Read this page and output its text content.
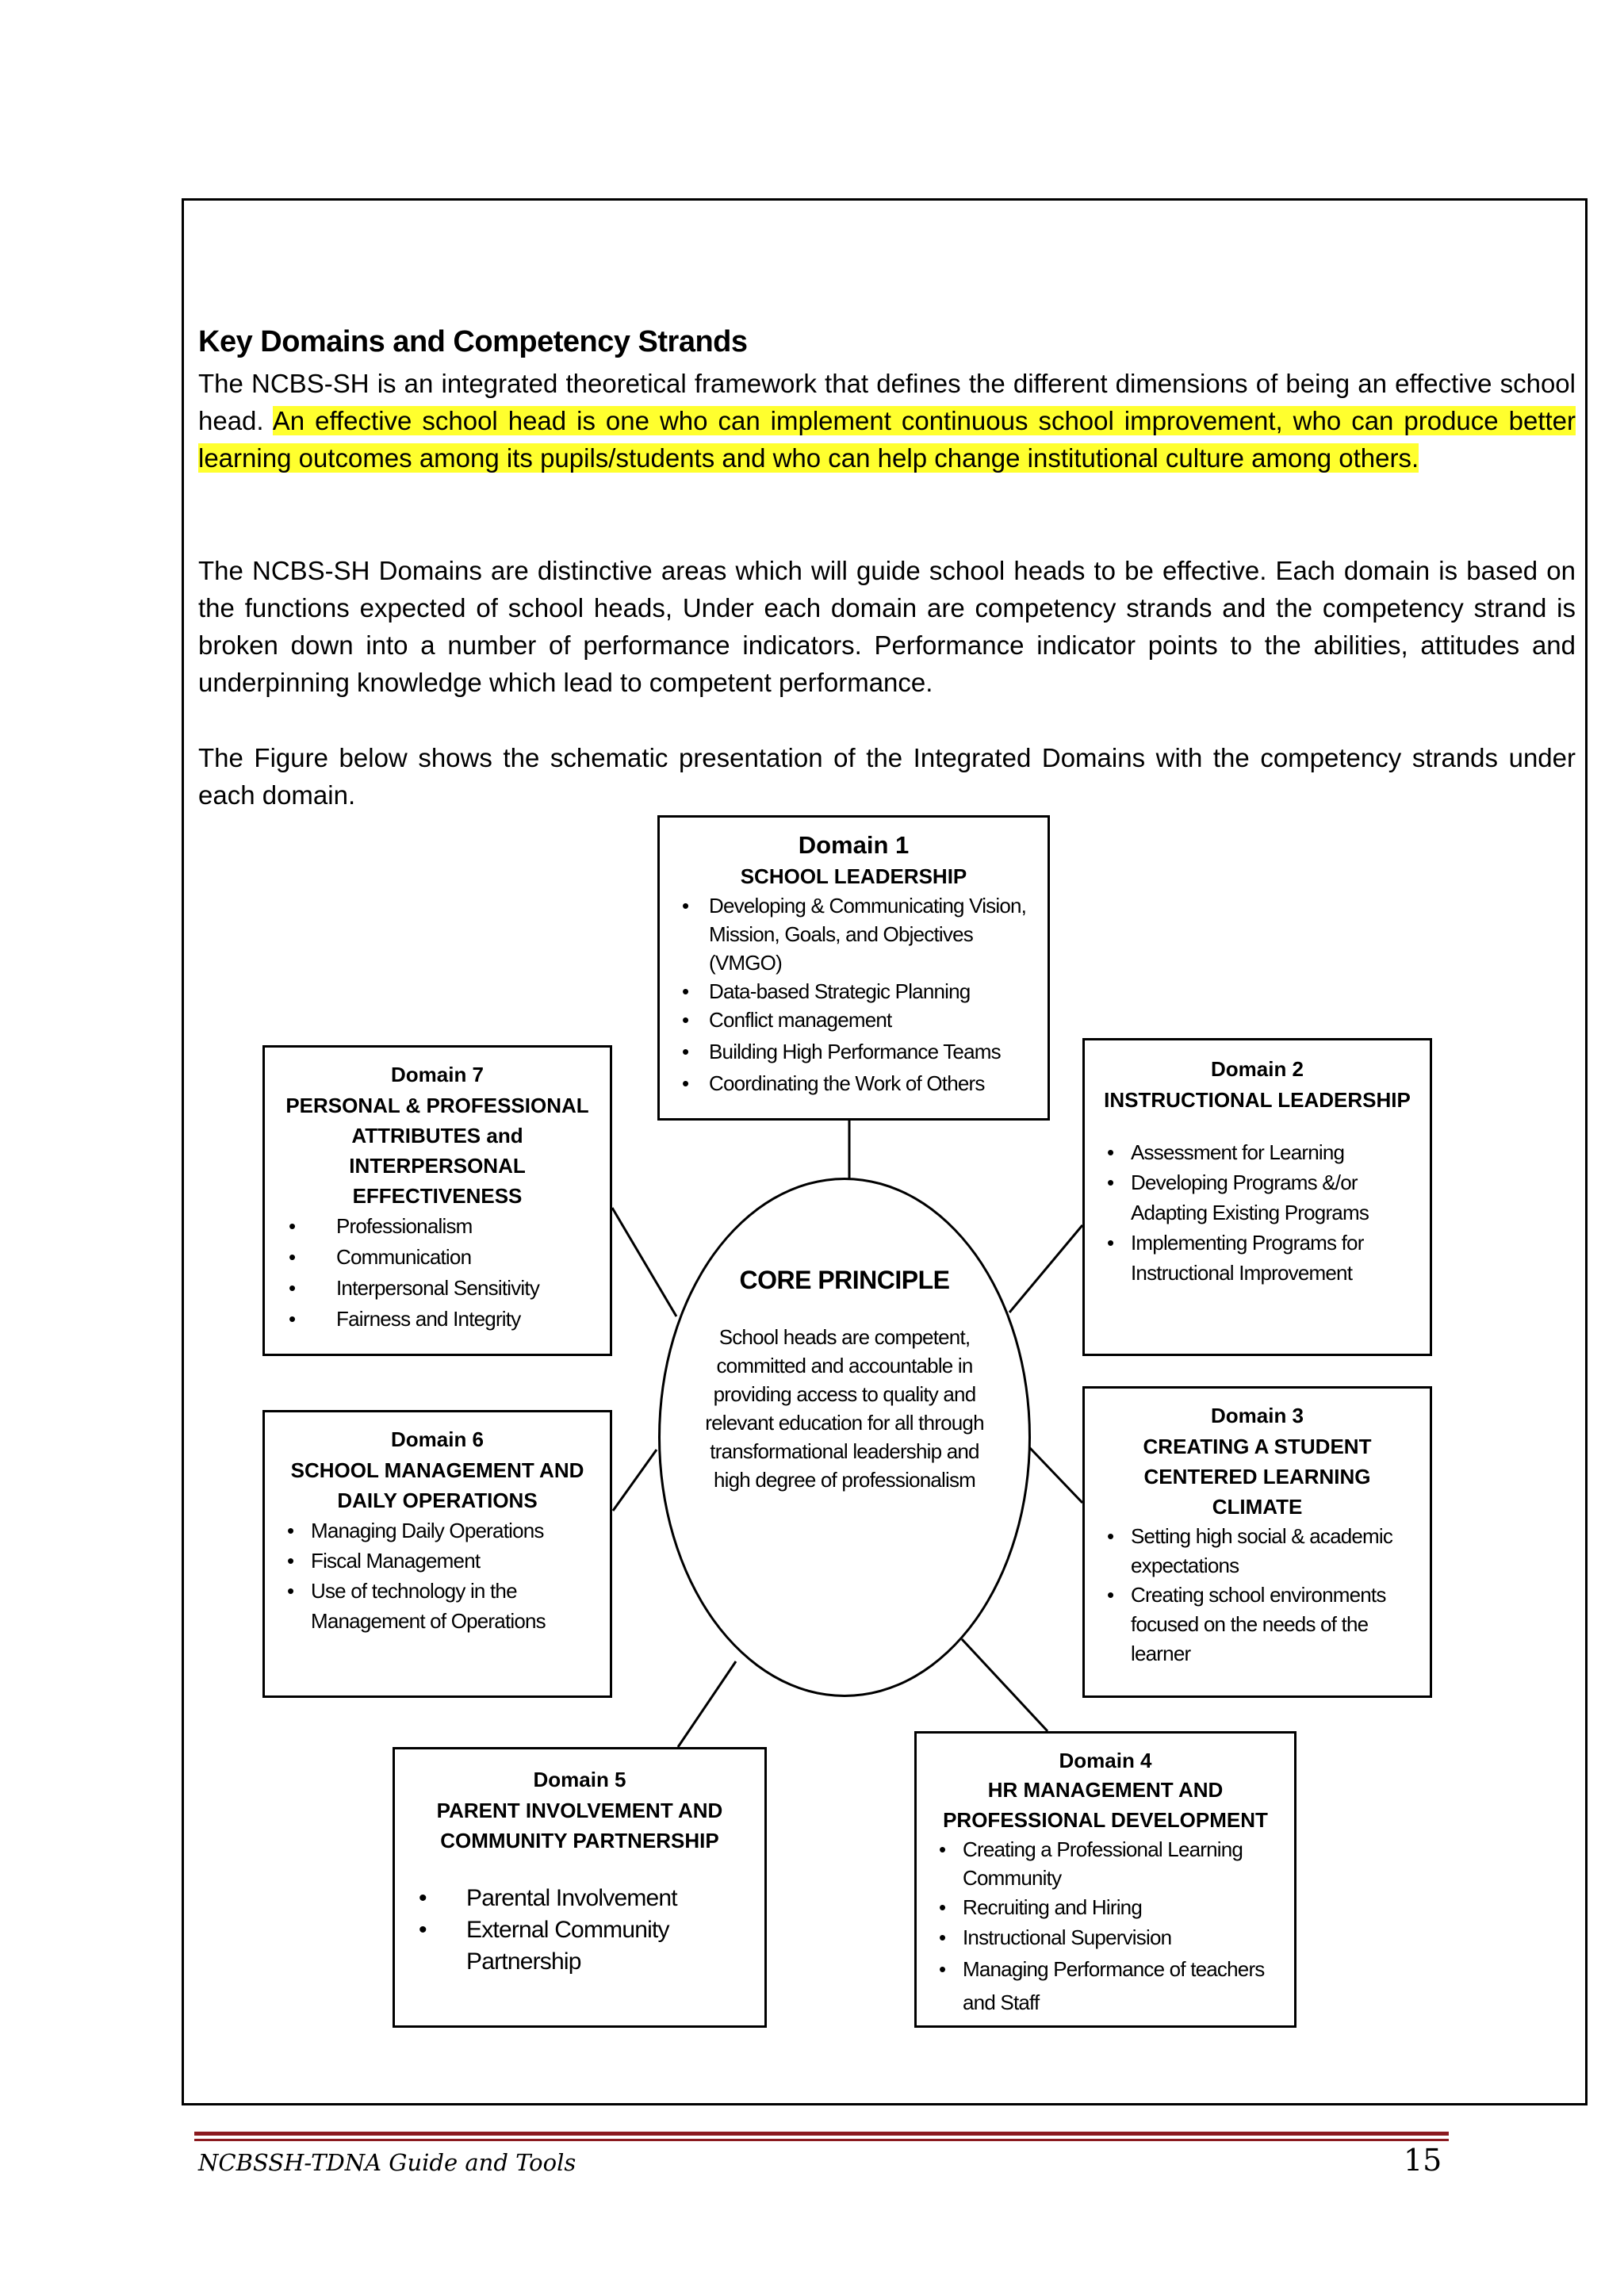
Key Domains and Competency Strands

The NCBS-SH is an integrated theoretical framework that defines the different dimensions of being an effective school head. An effective school head is one who can implement continuous school improvement, who can produce better learning outcomes among its pupils/students and who can help change institutional culture among others.

The NCBS-SH Domains are distinctive areas which will guide school heads to be effective. Each domain is based on the functions expected of school heads, Under each domain are competency strands and the competency strand is broken down into a number of performance indicators. Performance indicator points to the abilities, attitudes and underpinning knowledge which lead to competent performance.

The Figure below shows the schematic presentation of the Integrated Domains with the competency strands under each domain.

Domain 1

SCHOOL LEADERSHIP

• Developing & Communicating Vision, Mission, Goals, and Objectives (VMGO)
• Data-based Strategic Planning
• Conflict management
• Building High Performance Teams
• Coordinating the Work of Others

Domain 7

PERSONAL & PROFESSIONAL

ATTRIBUTES and

INTERPERSONAL

EFFECTIVENESS

• Professionalism
• Communication
• Interpersonal Sensitivity
• Fairness and Integrity

Domain 2

INSTRUCTIONAL LEADERSHIP

• Assessment for Learning
• Developing Programs &/or Adapting Existing Programs
• Implementing Programs for Instructional Improvement

Domain 6

SCHOOL MANAGEMENT AND

DAILY OPERATIONS

• Managing Daily Operations
• Fiscal Management
• Use of technology in the Management of Operations

Domain 3

CREATING A STUDENT

CENTERED LEARNING

CLIMATE

• Setting high social & academic expectations
• Creating school environments focused on the needs of the learner

Domain 5

PARENT INVOLVEMENT AND

COMMUNITY PARTNERSHIP

• Parental Involvement
• External Community Partnership

Domain 4

HR MANAGEMENT AND

PROFESSIONAL DEVELOPMENT

• Creating a Professional Learning Community
• Recruiting and Hiring
• Instructional Supervision
• Managing Performance of teachers and Staff

CORE PRINCIPLE

School heads are competent, committed and accountable in providing access to quality and relevant education for all through transformational leadership and high degree of professionalism

NCBSSH-TDNA Guide and Tools	15
